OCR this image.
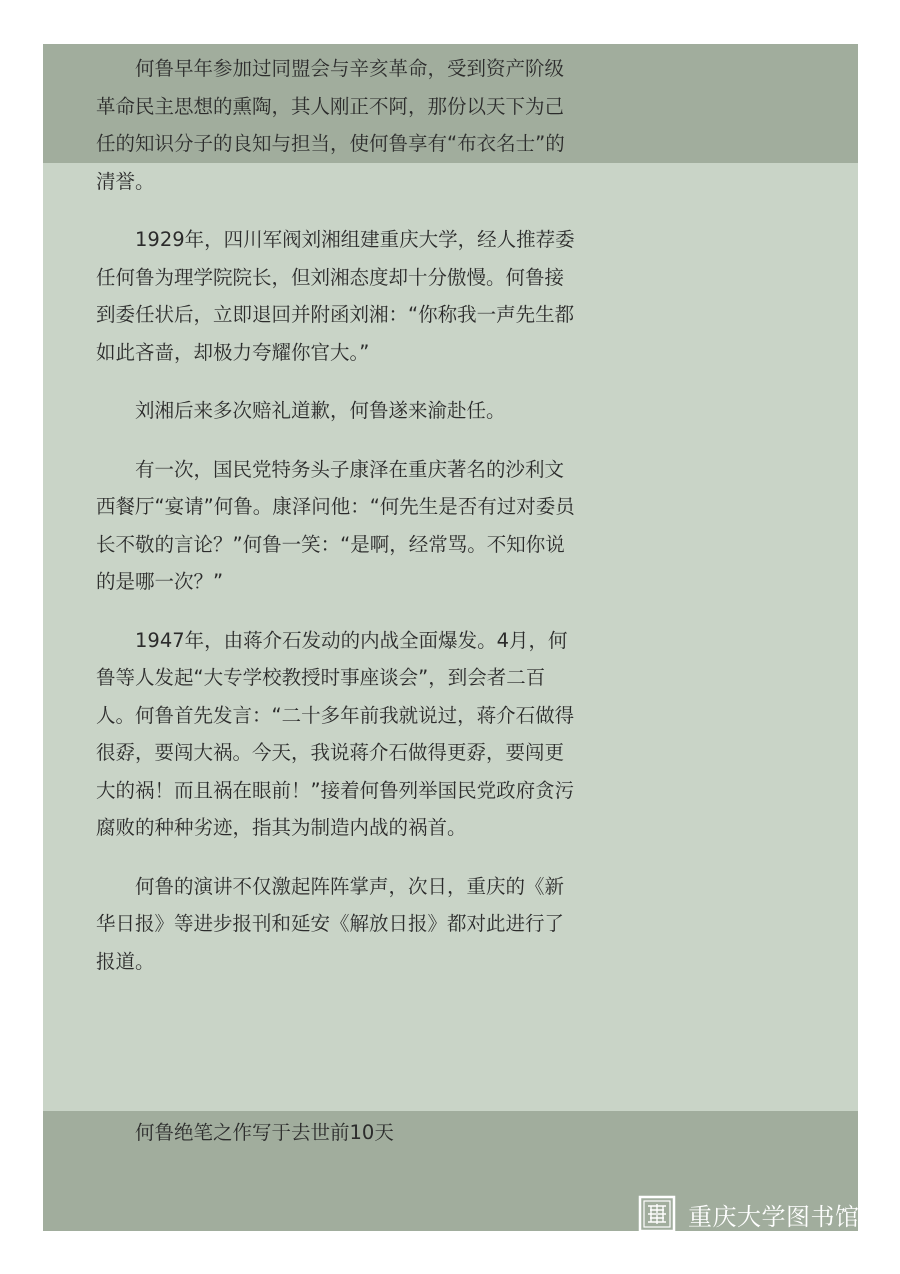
何鲁早年参加过同盟会与辛亥革命，受到资产阶级革命民主思想的熏陶，其人刚正不阿，那份以天下为己任的知识分子的良知与担当，使何鲁享有“布衣名士”的清誉。

1929年，四川军阀刘湘组建重庆大学，经人推荐委任何鲁为理学院院长，但刘湘态度却十分傲慢。何鲁接到委任状后，立即退回并附函刘湘：“你称我一声先生都如此吝啬，却极力夸耀你官大。”

刘湘后来多次赔礼道歉，何鲁遂来渝赴任。

有一次，国民党特务头子康泽在重庆著名的沙利文西餐厅“宴请”何鲁。康泽问他：“何先生是否有过对委员长不敬的言论？”何鲁一笑：“是啊，经常骂。不知你说的是哪一次？”

1947年，由蒋介石发动的内战全面爆发。4月，何鲁等人发起“大专学校教授时事座谈会”，到会者二百人。何鲁首先发言：“二十多年前我就说过，蒋介石做得很孬，要闯大祸。今天，我说蒋介石做得更孬，要闯更大的祸！而且祸在眼前！”接着何鲁列举国民党政府贪污腐败的种种劣迹，指其为制造内战的祸首。

何鲁的演讲不仅激起阵阵掌声，次日，重庆的《新华日报》等进步报刊和延安《解放日报》都对此进行了报道。

何鲁绝笔之作写于去世前10天

重庆大学图书馆
